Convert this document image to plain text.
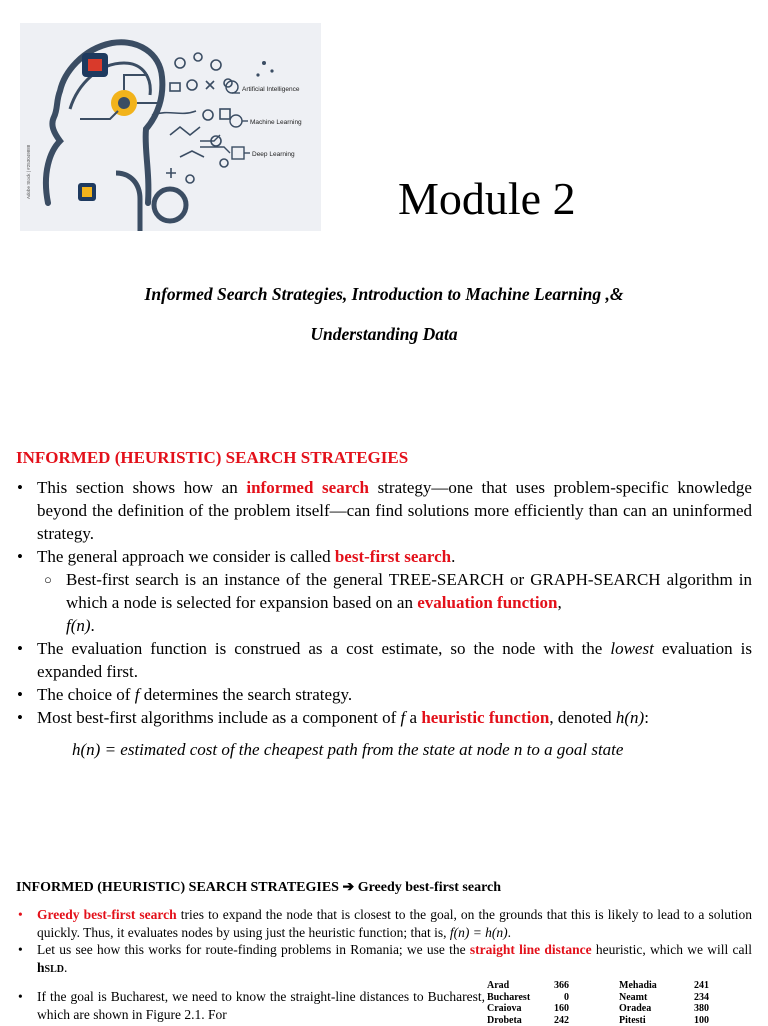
Artificial Intelligence
Machine Learning
Deep Learning
Adobe Stock | #253049888	Module 2
Informed Search Strategies, Introduction to Machine Learning ,&
Understanding Data
INFORMED (HEURISTIC) SEARCH STRATEGIES
• This section shows how an informed search strategy—one that uses problem-specific knowledge beyond the definition of the problem itself—can find solutions more efficiently than can an uninformed strategy.
• The general approach we consider is called best-first search.
○ Best-first search is an instance of the general TREE-SEARCH or GRAPH-SEARCH algorithm in which a node is selected for expansion based on an evaluation function,
f(n).
• The evaluation function is construed as a cost estimate, so the node with the lowest evaluation is expanded first.
• The choice of f determines the search strategy.
• Most best-first algorithms include as a component of f a heuristic function, denoted h(n):
h(n) = estimated cost of the cheapest path from the state at node n to a goal state
INFORMED (HEURISTIC) SEARCH STRATEGIES ➔ Greedy best-first search
• Greedy best-first search tries to expand the node that is closest to the goal, on the grounds that this is likely to lead to a solution quickly. Thus, it evaluates nodes by using just the heuristic function; that is, f(n) = h(n).
• Let us see how this works for route-finding problems in Romania; we use the straight line distance heuristic, which we will call hSLD.
• If the goal is Bucharest, we need to know the straight-line distances to Bucharest, which are shown in Figure 2.1. For
Arad	366		Mehadia	241
Bucharest	0		Neamt	234
Craiova	160		Oradea	380
Drobeta	242		Pitesti	100
